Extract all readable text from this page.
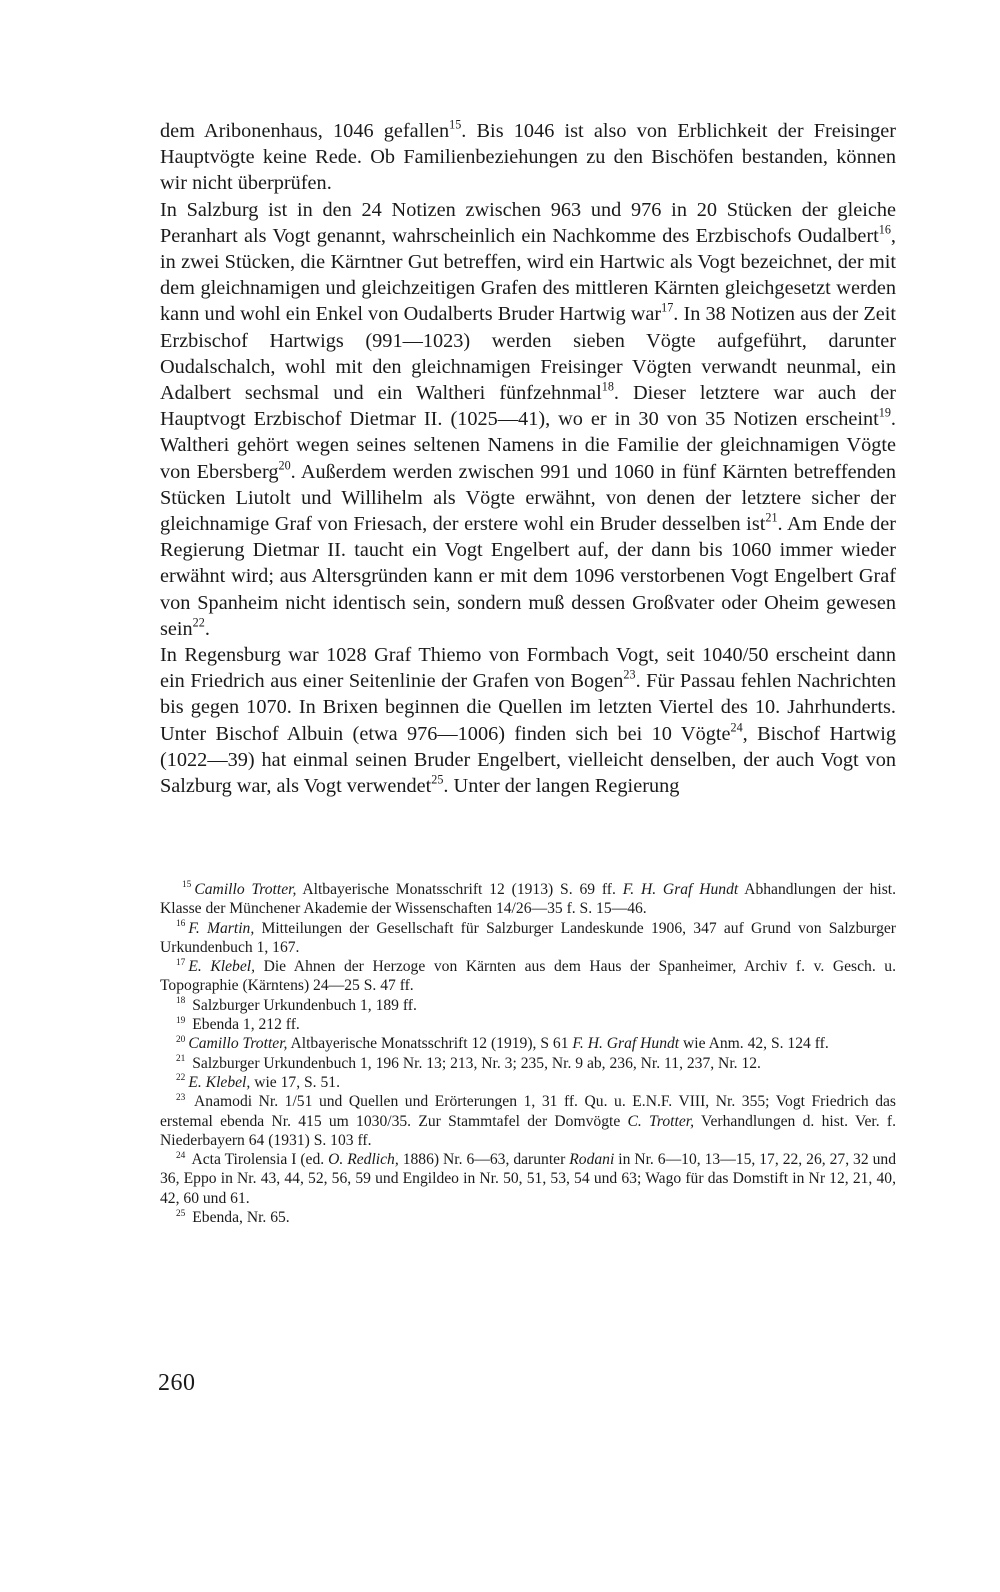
dem Aribonenhaus, 1046 gefallen$^{15}$. Bis 1046 ist also von Erblichkeit der Freisinger Hauptvögte keine Rede. Ob Familienbeziehungen zu den Bischöfen bestanden, können wir nicht überprüfen.

In Salzburg ist in den 24 Notizen zwischen 963 und 976 in 20 Stücken der gleiche Peranhart als Vogt genannt, wahrscheinlich ein Nachkomme des Erzbischofs Oudalbert$^{16}$, in zwei Stücken, die Kärntner Gut betreffen, wird ein Hartwic als Vogt bezeichnet, der mit dem gleichnamigen und gleichzeitigen Grafen des mittleren Kärnten gleichgesetzt werden kann und wohl ein Enkel von Oudalberts Bruder Hartwig war$^{17}$. In 38 Notizen aus der Zeit Erzbischof Hartwigs (991—1023) werden sieben Vögte aufgeführt, darunter Oudalschalch, wohl mit den gleichnamigen Freisinger Vögten verwandt neunmal, ein Adalbert sechsmal und ein Waltheri fünfzehnmal$^{18}$. Dieser letztere war auch der Hauptvogt Erzbischof Dietmar II. (1025—41), wo er in 30 von 35 Notizen erscheint$^{19}$. Waltheri gehört wegen seines seltenen Namens in die Familie der gleichnamigen Vögte von Ebersberg$^{20}$. Außerdem werden zwischen 991 und 1060 in fünf Kärnten betreffenden Stücken Liutolt und Willihelm als Vögte erwähnt, von denen der letztere sicher der gleichnamige Graf von Friesach, der erstere wohl ein Bruder desselben ist$^{21}$. Am Ende der Regierung Dietmar II. taucht ein Vogt Engelbert auf, der dann bis 1060 immer wieder erwähnt wird; aus Altersgründen kann er mit dem 1096 verstorbenen Vogt Engelbert Graf von Spanheim nicht identisch sein, sondern muß dessen Großvater oder Oheim gewesen sein$^{22}$.

In Regensburg war 1028 Graf Thiemo von Formbach Vogt, seit 1040/50 erscheint dann ein Friedrich aus einer Seitenlinie der Grafen von Bogen$^{23}$. Für Passau fehlen Nachrichten bis gegen 1070. In Brixen beginnen die Quellen im letzten Viertel des 10. Jahrhunderts. Unter Bischof Albuin (etwa 976—1006) finden sich bei 10 Vögte$^{24}$, Bischof Hartwig (1022—39) hat einmal seinen Bruder Engelbert, vielleicht denselben, der auch Vogt von Salzburg war, als Vogt verwendet$^{25}$. Unter der langen Regierung

$^{15}$ Camillo Trotter, Altbayerische Monatsschrift 12 (1913) S. 69 ff. F. H. Graf Hundt Abhandlungen der hist. Klasse der Münchener Akademie der Wissenschaften 14/26—35 f. S. 15—46.

$^{16}$ F. Martin, Mitteilungen der Gesellschaft für Salzburger Landeskunde 1906, 347 auf Grund von Salzburger Urkundenbuch 1, 167.

$^{17}$ E. Klebel, Die Ahnen der Herzoge von Kärnten aus dem Haus der Spanheimer, Archiv f. v. Gesch. u. Topographie (Kärntens) 24—25 S. 47 ff.

$^{18}$ Salzburger Urkundenbuch 1, 189 ff.

$^{19}$ Ebenda 1, 212 ff.

$^{20}$ Camillo Trotter, Altbayerische Monatsschrift 12 (1919), S 61 F. H. Graf Hundt wie Anm. 42, S. 124 ff.

$^{21}$ Salzburger Urkundenbuch 1, 196 Nr. 13; 213, Nr. 3; 235, Nr. 9 ab, 236, Nr. 11, 237, Nr. 12.

$^{22}$ E. Klebel, wie 17, S. 51.

$^{23}$ Anamodi Nr. 1/51 und Quellen und Erörterungen 1, 31 ff. Qu. u. E.N.F. VIII, Nr. 355; Vogt Friedrich das erstemal ebenda Nr. 415 um 1030/35. Zur Stammtafel der Domvögte C. Trotter, Verhandlungen d. hist. Ver. f. Niederbayern 64 (1931) S. 103 ff.

$^{24}$ Acta Tirolensia I (ed. O. Redlich, 1886) Nr. 6—63, darunter Rodani in Nr. 6—10, 13—15, 17, 22, 26, 27, 32 und 36, Eppo in Nr. 43, 44, 52, 56, 59 und Engildeo in Nr. 50, 51, 53, 54 und 63; Wago für das Domstift in Nr 12, 21, 40, 42, 60 und 61.

$^{25}$ Ebenda, Nr. 65.

260
